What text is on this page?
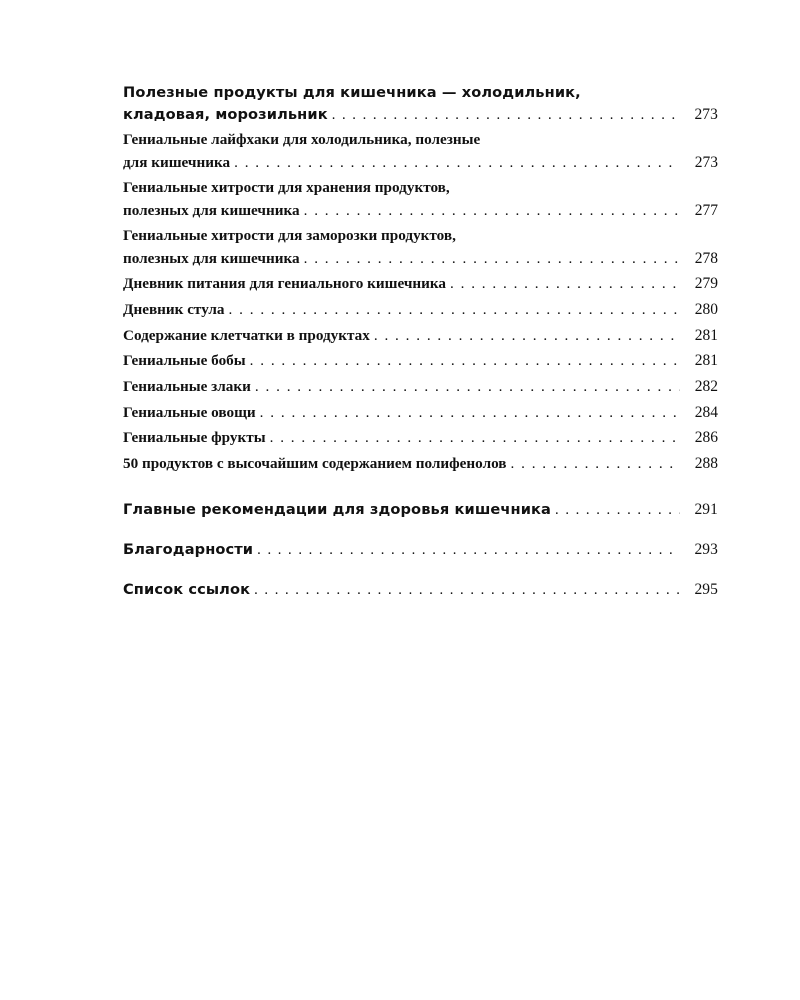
Полезные продукты для кишечника — холодильник,
кладовая, морозильник . . .	273
Гениальные лайфхаки для холодильника, полезные
для кишечника . . .	273
Гениальные хитрости для хранения продуктов,
полезных для кишечника . . .	277
Гениальные хитрости для заморозки продуктов,
полезных для кишечника . . .	278
Дневник питания для гениального кишечника . . .	279
Дневник стула . . .	280
Содержание клетчатки в продуктах . . .	281
Гениальные бобы . . .	281
Гениальные злаки . . .	282
Гениальные овощи . . .	284
Гениальные фрукты . . .	286
50 продуктов с высочайшим содержанием полифенолов . . .	288
Главные рекомендации для здоровья кишечника . . .	291
Благодарности . . .	293
Список ссылок . . .	295
